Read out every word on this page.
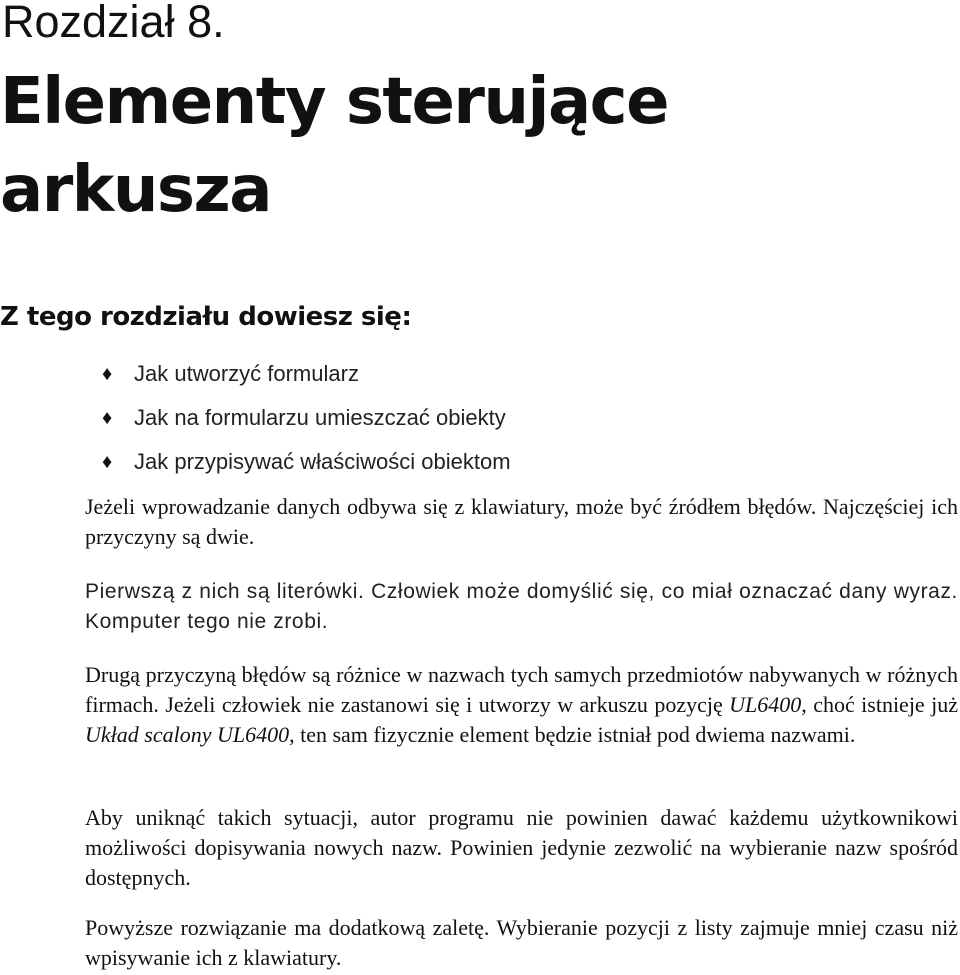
Rozdział 8.
Elementy sterujące
arkusza
Z tego rozdziału dowiesz się:
♦ Jak utworzyć formularz
♦ Jak na formularzu umieszczać obiekty
♦ Jak przypisywać właściwości obiektom

Jeżeli wprowadzanie danych odbywa się z klawiatury, może być źródłem błędów. Najczęściej ich przyczyny są dwie.

Pierwszą z nich są literówki. Człowiek może domyślić się, co miał oznaczać dany wyraz. Komputer tego nie zrobi.

Drugą przyczyną błędów są różnice w nazwach tych samych przedmiotów nabywanych w różnych firmach. Jeżeli człowiek nie zastanowi się i utworzy w arkuszu pozycję UL6400, choć istnieje już Układ scalony UL6400, ten sam fizycznie element będzie istniał pod dwiema nazwami.

Aby uniknąć takich sytuacji, autor programu nie powinien dawać każdemu użytkownikowi możliwości dopisywania nowych nazw. Powinien jedynie zezwolić na wybieranie nazw spośród dostępnych.

Powyższe rozwiązanie ma dodatkową zaletę. Wybieranie pozycji z listy zajmuje mniej czasu niż wpisywanie ich z klawiatury.
